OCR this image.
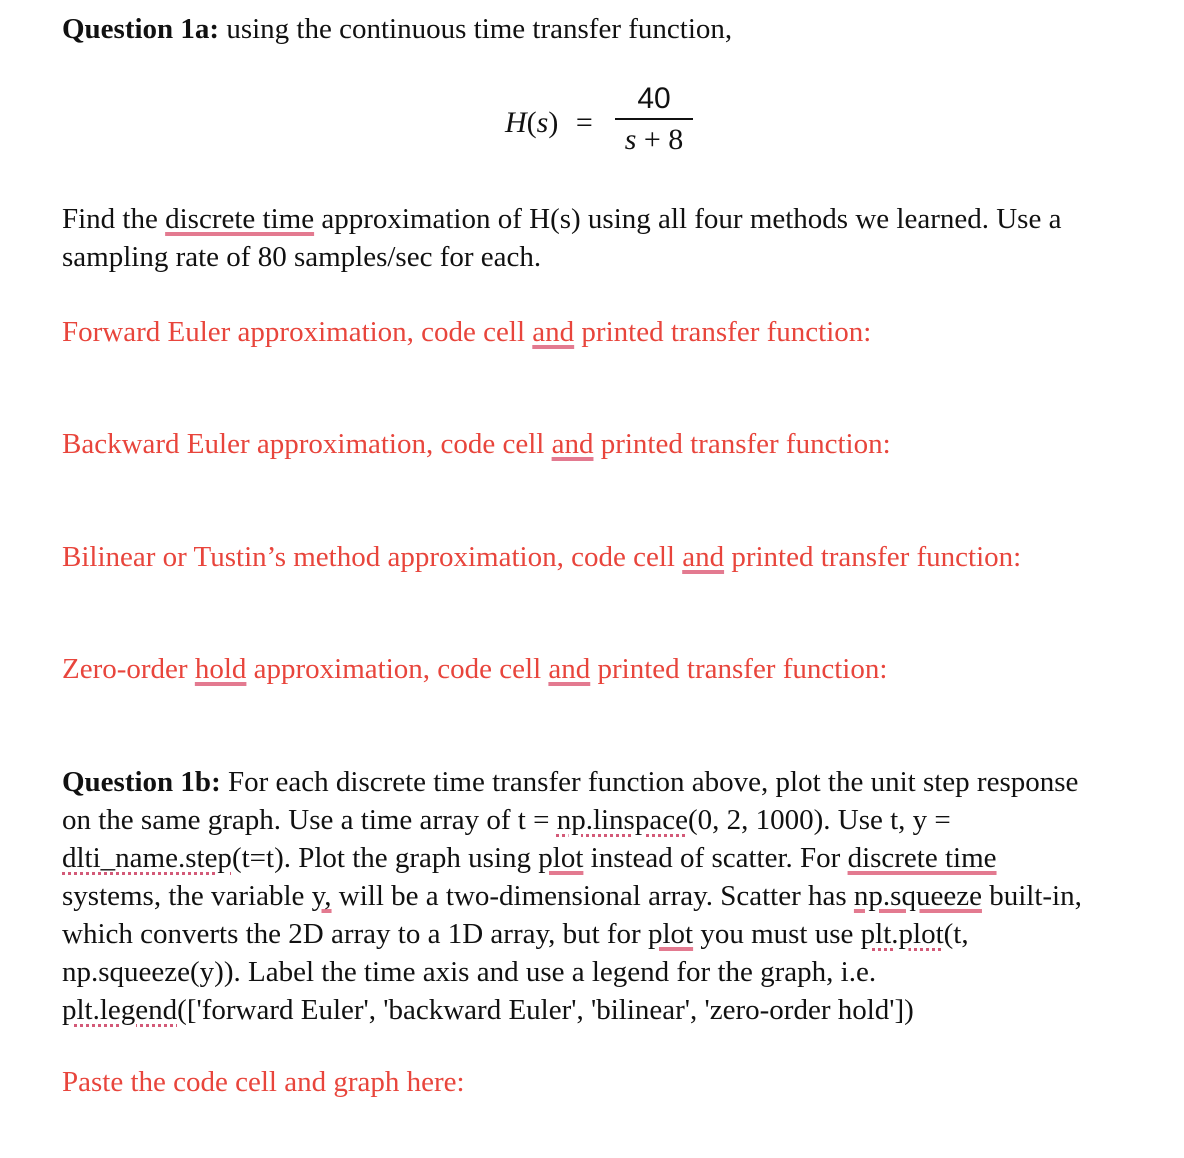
Question 1a: using the continuous time transfer function,

H(s) =
40
s + 8

Find the discrete time approximation of H(s) using all four methods we learned. Use a
sampling rate of 80 samples/sec for each.

Forward Euler approximation, code cell and printed transfer function:

Backward Euler approximation, code cell and printed transfer function:

Bilinear or Tustin’s method approximation, code cell and printed transfer function:

Zero-order hold approximation, code cell and printed transfer function:

Question 1b: For each discrete time transfer function above, plot the unit step response
on the same graph. Use a time array of t = np.linspace(0, 2, 1000). Use t, y =
dlti_name.step(t=t). Plot the graph using plot instead of scatter. For discrete time
systems, the variable y, will be a two-dimensional array. Scatter has np.squeeze built-in,
which converts the 2D array to a 1D array, but for plot you must use plt.plot(t,
np.squeeze(y)). Label the time axis and use a legend for the graph, i.e.
plt.legend(['forward Euler', 'backward Euler', 'bilinear', 'zero-order hold'])

Paste the code cell and graph here:
